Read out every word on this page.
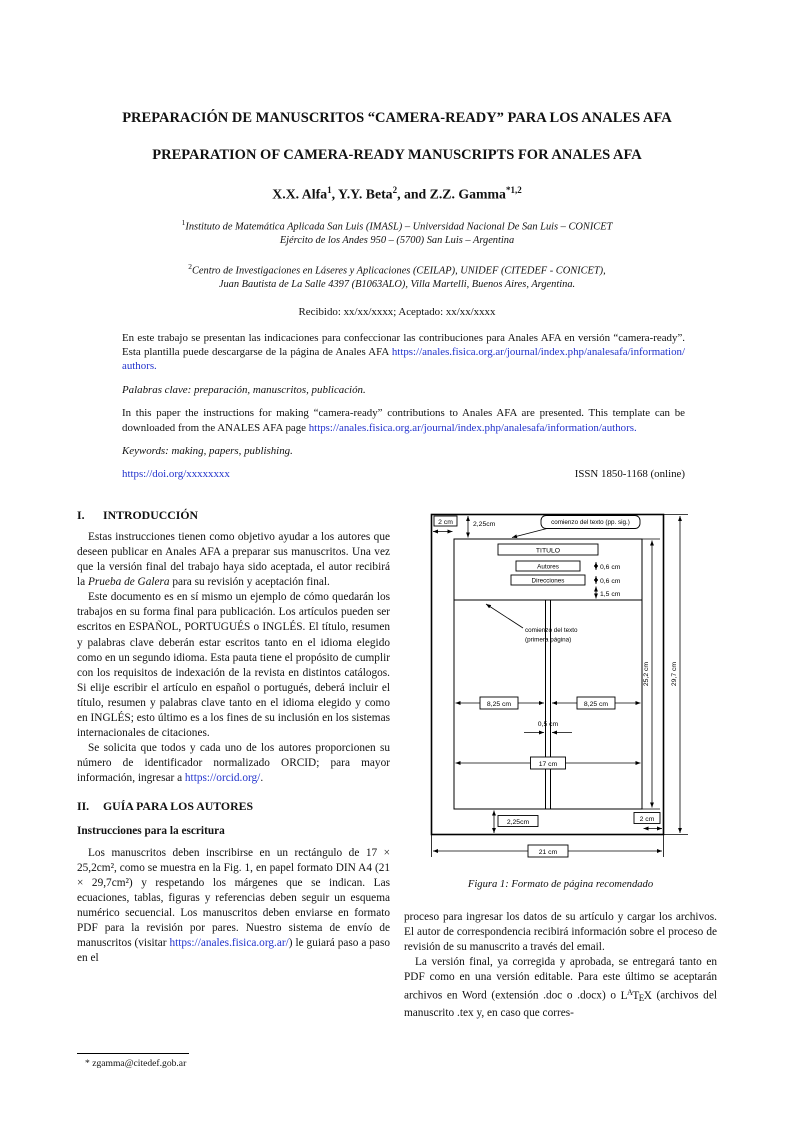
PREPARACIÓN DE MANUSCRITOS “CAMERA-READY” PARA LOS ANALES AFA
PREPARATION OF CAMERA-READY MANUSCRIPTS FOR ANALES AFA
X.X. Alfa$^1$, Y.Y. Beta$^2$, and Z.Z. Gamma$^{*1,2}$
$^1$Instituto de Matemática Aplicada San Luis (IMASL) – Universidad Nacional De San Luis – CONICET
Ejército de los Andes 950 – (5700) San Luis – Argentina
$^2$Centro de Investigaciones en Láseres y Aplicaciones (CEILAP), UNIDEF (CITEDEF - CONICET),
Juan Bautista de La Salle 4397 (B1063ALO), Villa Martelli, Buenos Aires, Argentina.
Recibido: xx/xx/xxxx; Aceptado: xx/xx/xxxx

En este trabajo se presentan las indicaciones para confeccionar las contribuciones para Anales AFA en versión “camera-ready”. Esta plantilla puede descargarse de la página de Anales AFA https://anales.fisica.org.ar/journal/index.php/analesafa/information/authors.

Palabras clave: preparación, manuscritos, publicación.

In this paper the instructions for making “camera-ready” contributions to Anales AFA are presented. This template can be downloaded from the ANALES AFA page https://anales.fisica.org.ar/journal/index.php/analesafa/information/authors.

Keywords: making, papers, publishing.

https://doi.org/xxxxxxxx	ISSN 1850-1168 (online)
I. INTRODUCCIÓN

Estas instrucciones tienen como objetivo ayudar a los autores que deseen publicar en Anales AFA a preparar sus manuscritos. Una vez que la versión final del trabajo haya sido aceptada, el autor recibirá la Prueba de Galera para su revisión y aceptación final.

Este documento es en sí mismo un ejemplo de cómo quedarán los trabajos en su forma final para publicación. Los artículos pueden ser escritos en ESPAÑOL, PORTUGUÉS o INGLÉS. El título, resumen y palabras clave deberán estar escritos tanto en el idioma elegido como en un segundo idioma. Esta pauta tiene el propósito de cumplir con los requisitos de indexación de la revista en distintos catálogos. Si elije escribir el artículo en español o portugués, deberá incluir el título, resumen y palabras clave tanto en el idioma elegido y como en INGLÉS; esto último es a los fines de su inclusión en los sistemas internacionales de citaciones.

Se solicita que todos y cada uno de los autores proporcionen su número de identificador normalizado ORCID; para mayor información, ingresar a https://orcid.org/.

II. GUÍA PARA LOS AUTORES
Instrucciones para la escritura

Los manuscritos deben inscribirse en un rectángulo de 17 × 25,2cm², como se muestra en la Fig. 1, en papel formato DIN A4 (21 × 29,7cm²) y respetando los márgenes que se indican. Las ecuaciones, tablas, figuras y referencias deben seguir un esquema numérico secuencial. Los manuscritos deben enviarse en formato PDF para la revisión por pares. Nuestro sistema de envío de manuscritos (visitar https://anales.fisica.org.ar/) le guiará paso a paso en el

2 cm	2,25cm	comienzo del texto (pp. sig.)
TITULO
Autores	0,6 cm
Direcciones	0,6 cm
1,5 cm
comienzo del texto
(primera página)
8,25 cm	8,25 cm
0,5 cm
17 cm
25,2 cm	29,7 cm
2,25cm	2 cm
21 cm
Figura 1: Formato de página recomendado

proceso para ingresar los datos de su artículo y cargar los archivos. El autor de correspondencia recibirá información sobre el proceso de revisión de su manuscrito a través del email.

La versión final, ya corregida y aprobada, se entregará tanto en PDF como en una versión editable. Para este último se aceptarán archivos en Word (extensión .doc o .docx) o $L^ATEX$ (archivos del manuscrito .tex y, en caso que corres-

* zgamma@citedef.gob.ar
